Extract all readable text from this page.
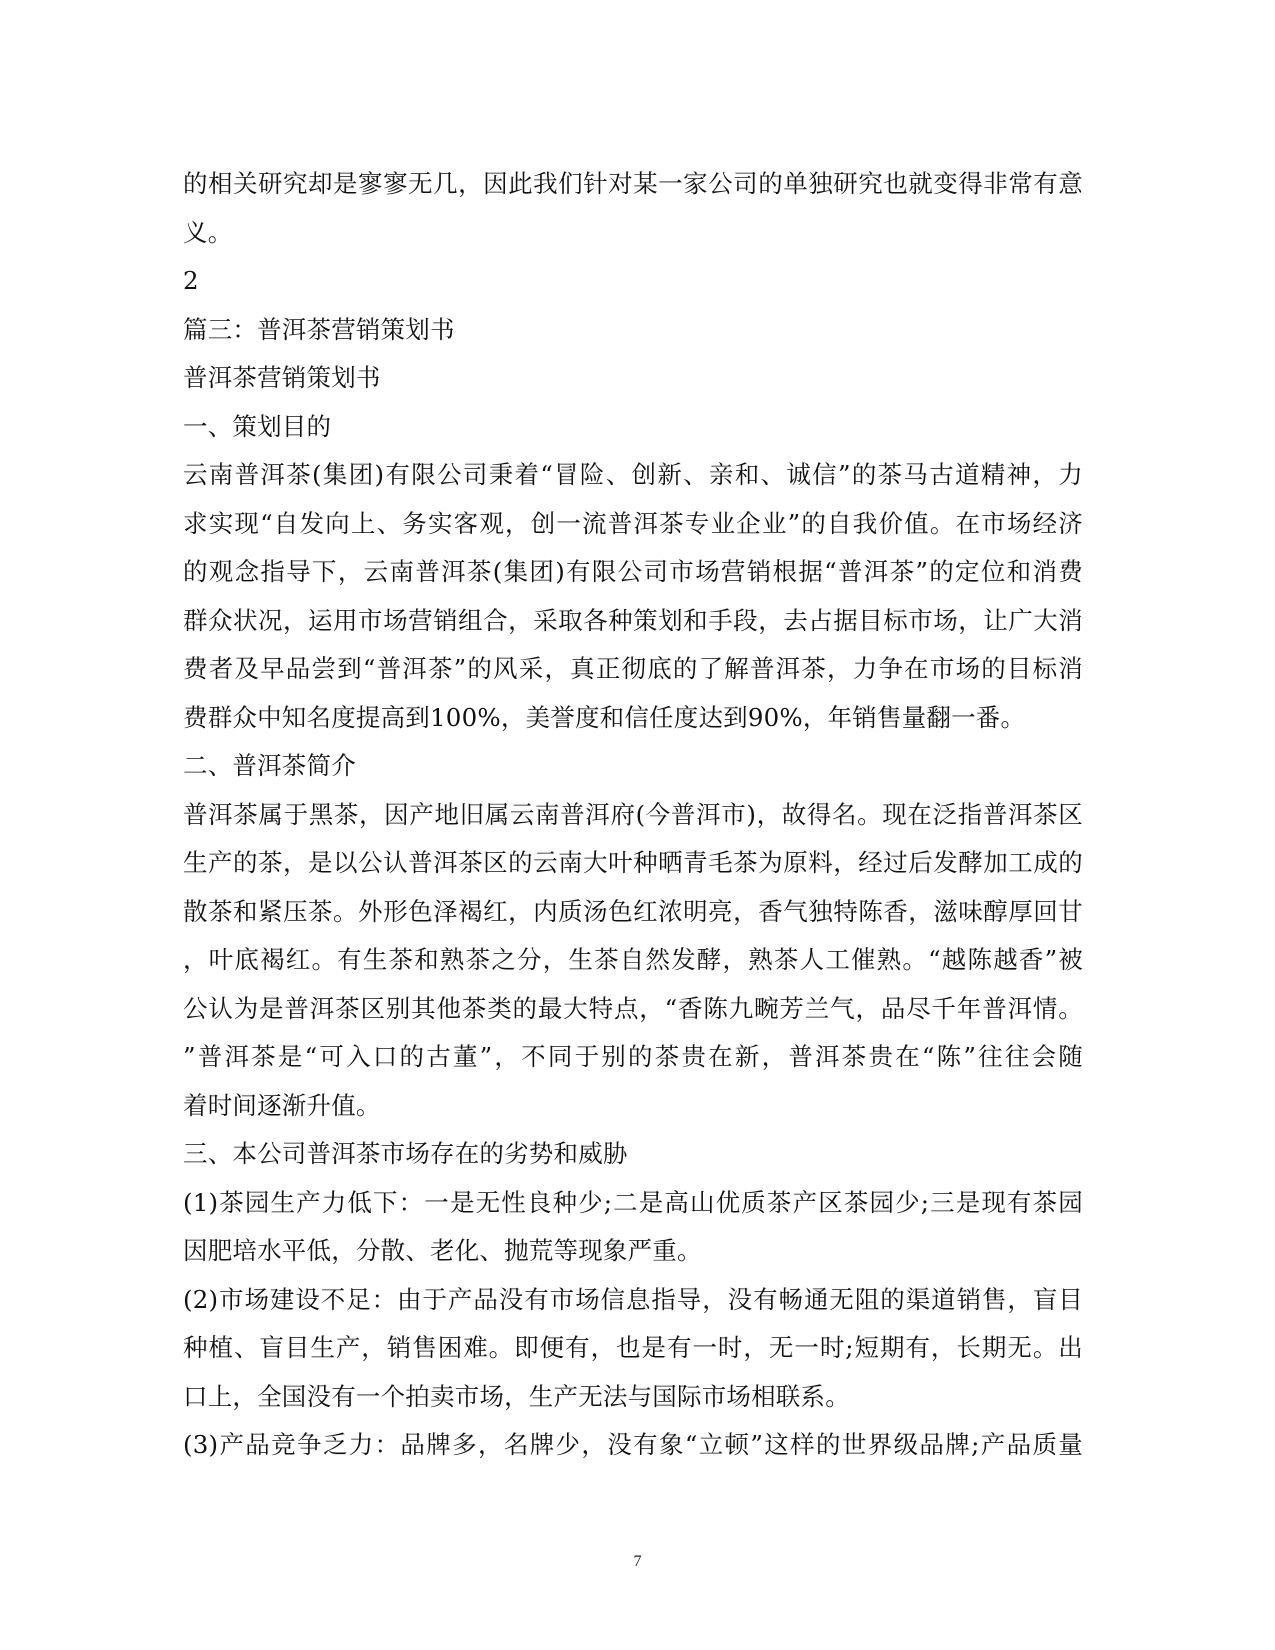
的相关研究却是寥寥无几，因此我们针对某一家公司的单独研究也就变得非常有意
义。
2
篇三：普洱茶营销策划书
普洱茶营销策划书
一、策划目的
云南普洱茶(集团)有限公司秉着“冒险、创新、亲和、诚信”的茶马古道精神，力
求实现“自发向上、务实客观，创一流普洱茶专业企业”的自我价值。在市场经济
的观念指导下，云南普洱茶(集团)有限公司市场营销根据“普洱茶”的定位和消费
群众状况，运用市场营销组合，采取各种策划和手段，去占据目标市场，让广大消
费者及早品尝到“普洱茶”的风采，真正彻底的了解普洱茶，力争在市场的目标消
费群众中知名度提高到100%，美誉度和信任度达到90%，年销售量翻一番。
二、普洱茶简介
普洱茶属于黑茶，因产地旧属云南普洱府(今普洱市)，故得名。现在泛指普洱茶区
生产的茶，是以公认普洱茶区的云南大叶种晒青毛茶为原料，经过后发酵加工成的
散茶和紧压茶。外形色泽褐红，内质汤色红浓明亮，香气独特陈香，滋味醇厚回甘
，叶底褐红。有生茶和熟茶之分，生茶自然发酵，熟茶人工催熟。“越陈越香”被
公认为是普洱茶区别其他茶类的最大特点，“香陈九畹芳兰气，品尽千年普洱情。
”普洱茶是“可入口的古董”，不同于别的茶贵在新，普洱茶贵在“陈”往往会随
着时间逐渐升值。
三、本公司普洱茶市场存在的劣势和威胁
(1)茶园生产力低下：一是无性良种少;二是高山优质茶产区茶园少;三是现有茶园
因肥培水平低，分散、老化、抛荒等现象严重。
(2)市场建设不足：由于产品没有市场信息指导，没有畅通无阻的渠道销售，盲目
种植、盲目生产，销售困难。即便有，也是有一时，无一时;短期有，长期无。出
口上，全国没有一个拍卖市场，生产无法与国际市场相联系。
(3)产品竞争乏力：品牌多，名牌少，没有象“立顿”这样的世界级品牌;产品质量
7
